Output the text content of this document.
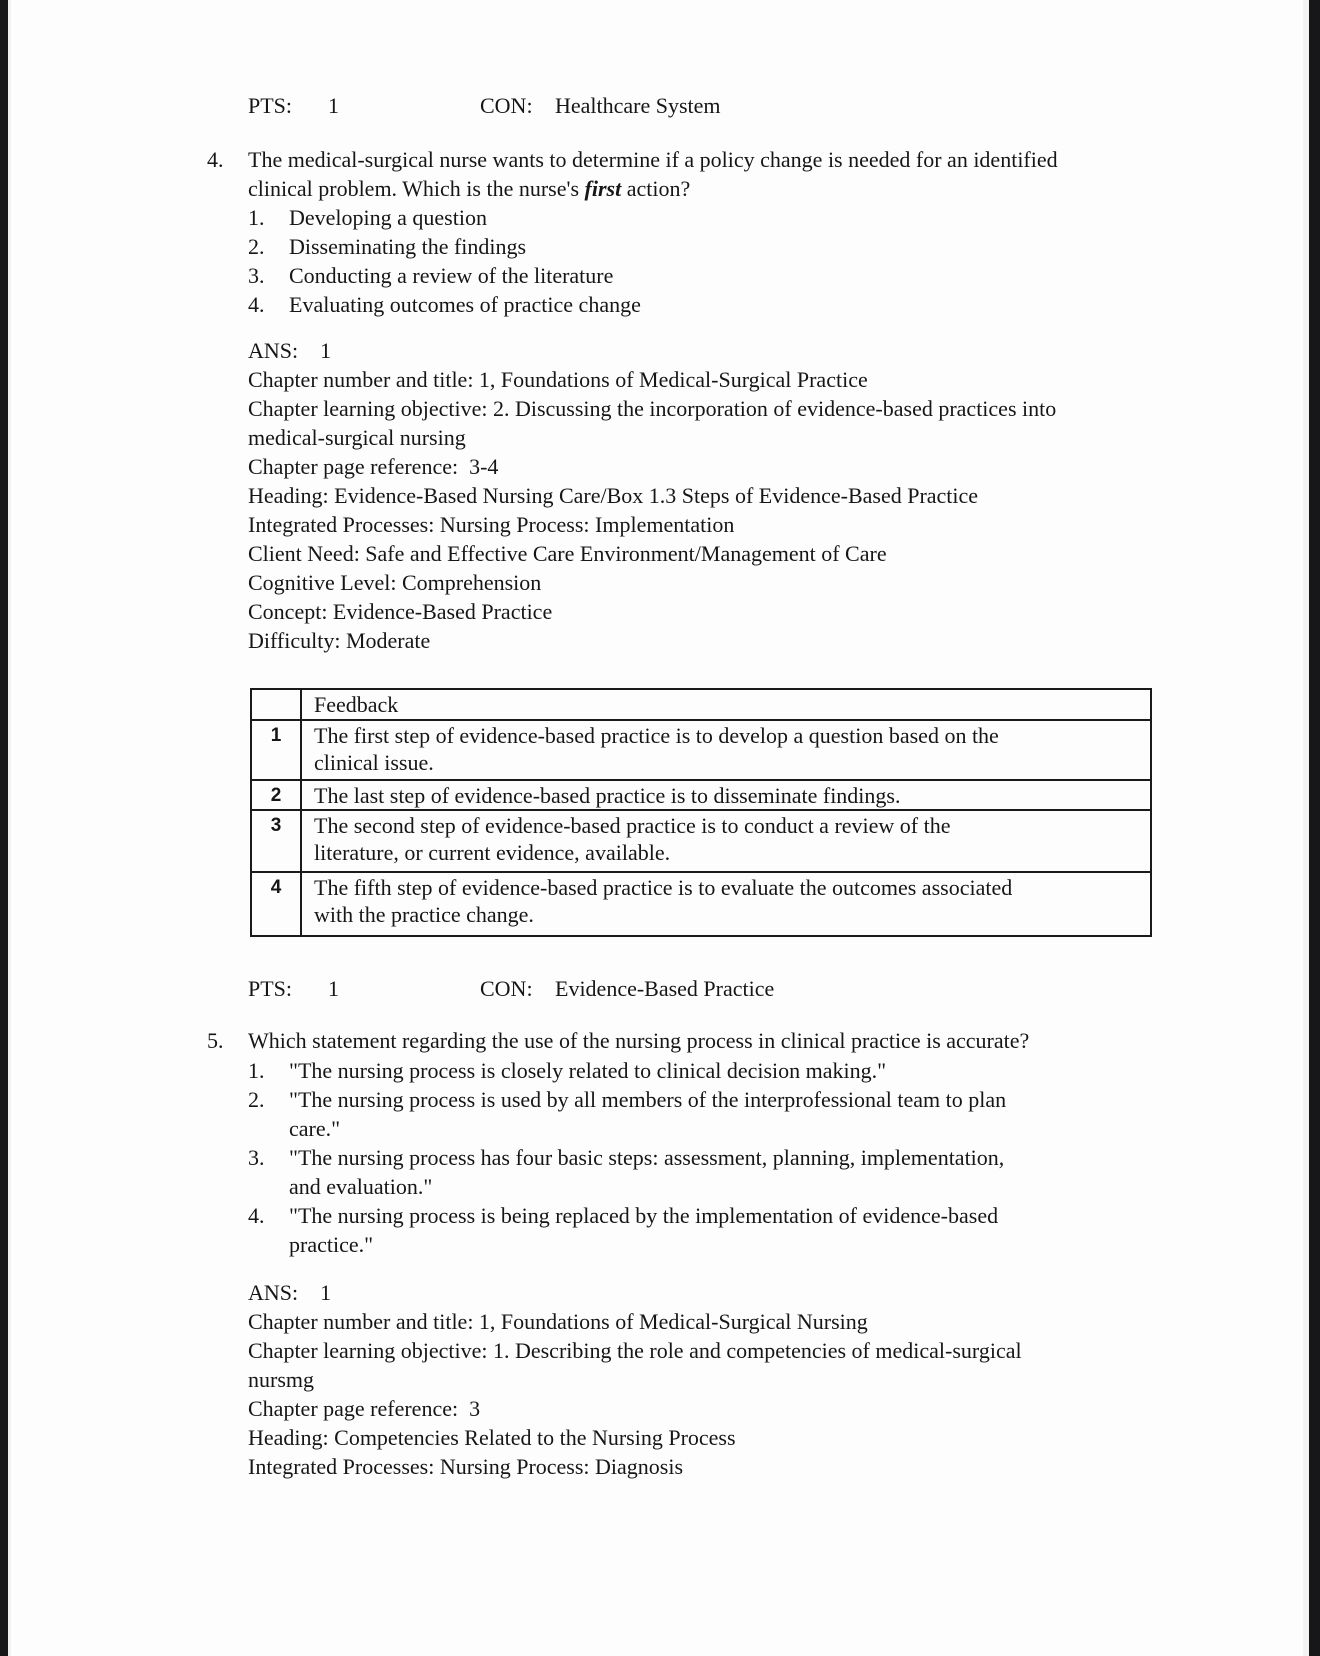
PTS: 1	CON: Healthcare System
4. The medical-surgical nurse wants to determine if a policy change is needed for an identified
clinical problem. Which is the nurse's first action?
1. Developing a question
2. Disseminating the findings
3. Conducting a review of the literature
4. Evaluating outcomes of practice change
ANS:    1
Chapter number and title: 1, Foundations of Medical-Surgical Practice
Chapter learning objective: 2. Discussing the incorporation of evidence-based practices into
medical-surgical nursing
Chapter page reference:  3-4
Heading: Evidence-Based Nursing Care/Box 1.3 Steps of Evidence-Based Practice
Integrated Processes: Nursing Process: Implementation
Client Need: Safe and Effective Care Environment/Management of Care
Cognitive Level: Comprehension
Concept: Evidence-Based Practice
Difficulty: Moderate

	Feedback

1	The first step of evidence-based practice is to develop a question based on the
clinical issue.

2	The last step of evidence-based practice is to disseminate findings.

3	The second step of evidence-based practice is to conduct a review of the
literature, or current evidence, available.

4	The fifth step of evidence-based practice is to evaluate the outcomes associated
with the practice change.
PTS: 1	CON: Evidence-Based Practice
5. Which statement regarding the use of the nursing process in clinical practice is accurate?
1. "The nursing process is closely related to clinical decision making."
2. "The nursing process is used by all members of the interprofessional team to plan
care."
3. "The nursing process has four basic steps: assessment, planning, implementation,
and evaluation."
4. "The nursing process is being replaced by the implementation of evidence-based
practice."
ANS:    1
Chapter number and title: 1, Foundations of Medical-Surgical Nursing
Chapter learning objective: 1. Describing the role and competencies of medical-surgical
nursmg
Chapter page reference:  3
Heading: Competencies Related to the Nursing Process
Integrated Processes: Nursing Process: Diagnosis
